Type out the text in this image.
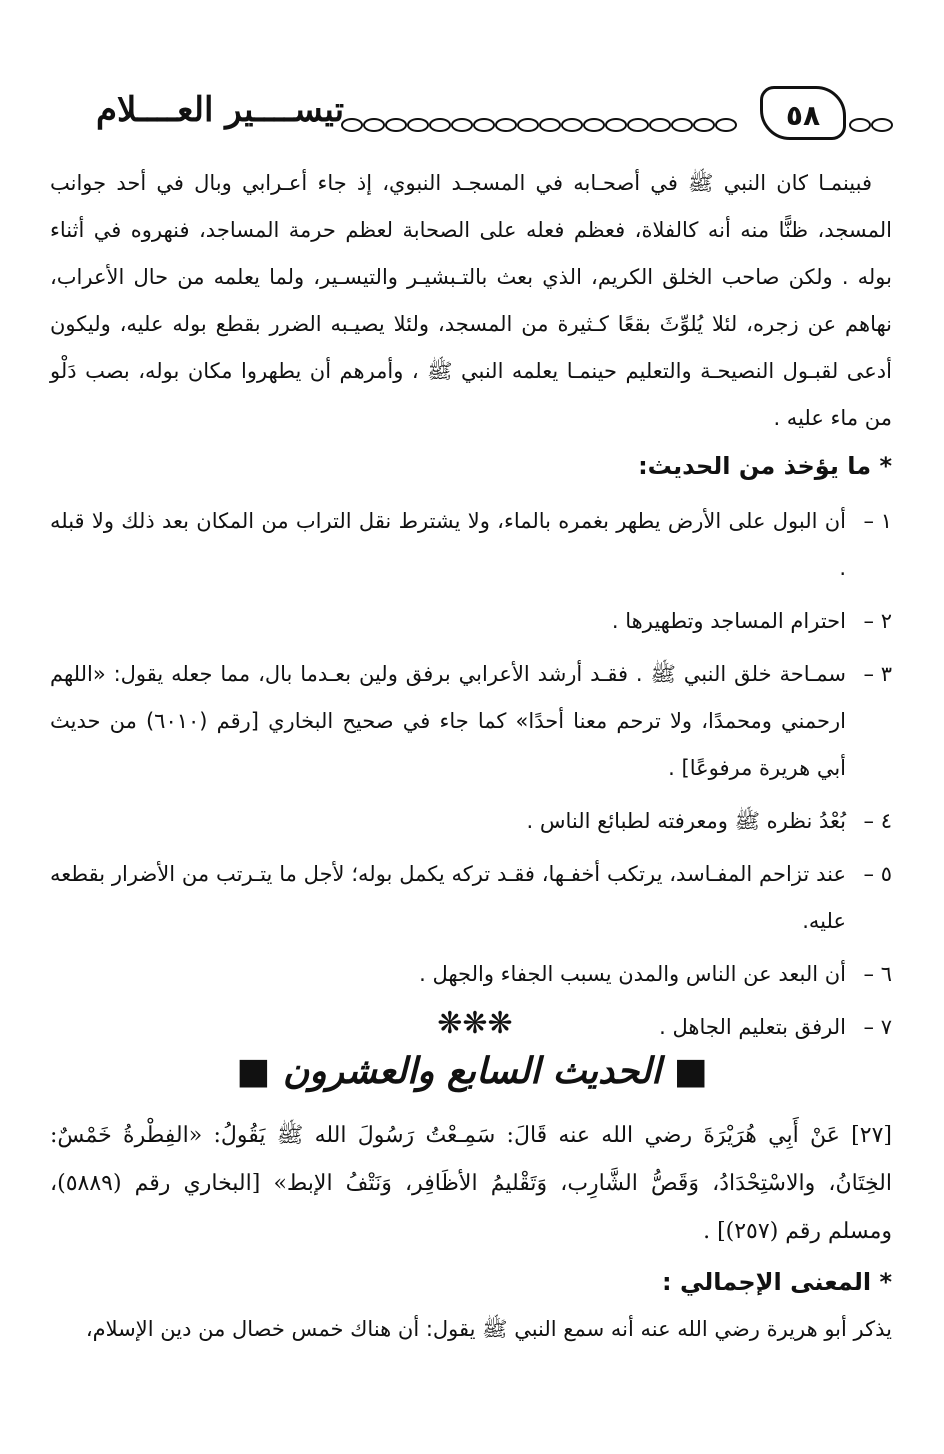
تيســــير العــــلام	٥٨
فبينمـا كان النبي ﷺ في أصحـابه في المسجـد النبوي، إذ جاء أعـرابي وبال في أحد جوانب المسجد، ظنًّا منه أنه كالفلاة، فعظم فعله على الصحابة لعظم حرمة المساجد، فنهروه في أثناء بوله . ولكن صاحب الخلق الكريم، الذي بعث بالتـبشيـر والتيسـير، ولما يعلمه من حال الأعراب، نهاهم عن زجره، لئلا يُلوِّثَ بقعًا كـثيرة من المسجد، ولئلا يصيـبه الضرر بقطع بوله عليه، وليكون أدعى لقبـول النصيحـة والتعليم حينمـا يعلمه النبي ﷺ ، وأمرهم أن يطهروا مكان بوله، بصب دَلْو من ماء عليه .
* ما يؤخذ من الحديث:
١ –
أن البول على الأرض يطهر بغمره بالماء، ولا يشترط نقل التراب من المكان بعد ذلك ولا قبله .
٢ –
احترام المساجد وتطهيرها .
٣ –
سمـاحة خلق النبي ﷺ . فقـد أرشد الأعرابي برفق ولين بعـدما بال، مما جعله يقول: «اللهم ارحمني ومحمدًا، ولا ترحم معنا أحدًا» كما جاء في صحيح البخاري [رقم (٦٠١٠) من حديث أبي هريرة مرفوعًا] .
٤ –
بُعْدُ نظره ﷺ ومعرفته لطبائع الناس .
٥ –
عند تزاحم المفـاسد، يرتكب أخفـها، فقـد تركه يكمل بوله؛ لأجل ما يتـرتب من الأضرار بقطعه عليه.
٦ –
أن البعد عن الناس والمدن يسبب الجفاء والجهل .
٧ –
الرفق بتعليم الجاهل .
❋❋❋
■ الحديث السابع والعشرون ■
[٢٧] عَنْ أَبِي هُرَيْرَةَ رضي الله عنه قَالَ: سَمِـعْتُ رَسُولَ الله ﷺ يَقُولُ: «الفِطْرةُ خَمْسٌ: الخِتَانُ، والاسْتِحْدَادُ، وَقَصُّ الشَّارِب، وَتَقْليمُ الأظَافِر، وَنَتْفُ الإبط» [البخاري رقم (٥٨٨٩)، ومسلم رقم (٢٥٧)] .
* المعنى الإجمالي :
يذكر أبو هريرة رضي الله عنه أنه سمع النبي ﷺ يقول: أن هناك خمس خصال من دين الإسلام،
